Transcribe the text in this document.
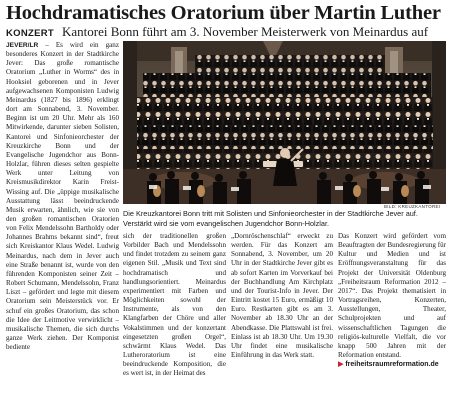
Hochdramatisches Oratorium über Martin Luther
KONZERT Kantorei Bonn führt am 3. November Meisterwerk von Meinardus auf

JEVER/LR – Es wird ein ganz besonderes Konzert in der Stadtkirche Jever: Das große romantische Oratorium „Luther in Worms“ des in Hooksiel geborenen und in Jever aufgewachsenen Komponisten Ludwig Meinardus (1827 bis 1896) erklingt dort am Sonnabend, 3. November. Beginn ist um 20 Uhr. Mehr als 160 Mitwirkende, darunter sieben Solisten, Kantorei und Sinfonieorchester der Kreuzkirche Bonn und der Evangelische Jugendchor aus Bonn-Holzlar, führen dieses selten gespielte Werk unter Leitung von Kreismusikdirektor Karin Freist-Wissing auf. Die „üppige musikalische Ausstattung lässt beeindruckende Musik erwarten, ähnlich, wie sie von den großen romantischen Oratorien von Felix Mendelssohn Bartholdy oder Johannes Brahms bekannt sind“, freut sich Kreiskantor Klaus Wedel. Ludwig Meinardus, nach dem in Jever auch eine Straße benannt ist, wurde von den führenden Komponisten seiner Zeit – Robert Schumann, Mendelssohn, Franz Liszt – gefördert und legte mit diesem Oratorium sein Meisterstück vor. Er schuf ein großes Oratorium, das schon die Idee der Leitmotive verwirklicht – musikalische Themen, die sich durchs ganze Werk ziehen. Der Komponist bediente

BILD: KREUZKANTOREI
Die Kreuzkantorei Bonn tritt mit Solisten und Sinfonieorchester in der Stadtkirche Jever auf. Verstärkt wird sie vom evangelischen Jugendchor Bonn-Holzlar.

sich der traditionellen großen Vorbilder Bach und Mendelssohn und findet trotzdem zu seinem ganz eigenen Stil. „Musik und Text sind hochdramatisch und handlungsorientiert. Meinardus experimentiert mit Farben und Möglichkeiten sowohl der Instrumente, als von den Klangfarben der Chöre und aller Vokalstimmen und der konzertant eingesetzten großen Orgel“, schwärmt Klaus Wedel. Das Lutheroratorium ist eine beeindruckende Komposition, die es wert ist, in der Heimat des

„Dornröschenschlaf“ erweckt zu werden. Für das Konzert am Sonnabend, 3. November, um 20 Uhr in der Stadtkirche Jever gibt es ab sofort Karten im Vorverkauf bei der Buchhandlung Am Kirchplatz und der Tourist-Info in Jever. Der Eintritt kostet 15 Euro, ermäßigt 10 Euro. Restkarten gibt es am 3. November ab 18.30 Uhr an der Abendkasse. Die Plattswahl ist frei. Einlass ist ab 18.30 Uhr. Um 19.30 Uhr findet eine musikalische Einführung in das Werk statt.

Das Konzert wird gefördert vom Beauftragten der Bundesregierung für Kultur und Medien und ist Eröffnungsveranstaltung für das Projekt der Universität Oldenburg „Freiheitsraum Reformation 2012 – 2017“. Das Projekt thematisiert in Vortragsreihen, Konzerten, Ausstellungen, Theater, Schulprojekten und auf wissenschaftlichen Tagungen die religiös-kulturelle Vielfalt, die vor knapp 500 Jahren mit der Reformation entstand.

▶ freiheitsraumreformation.de
